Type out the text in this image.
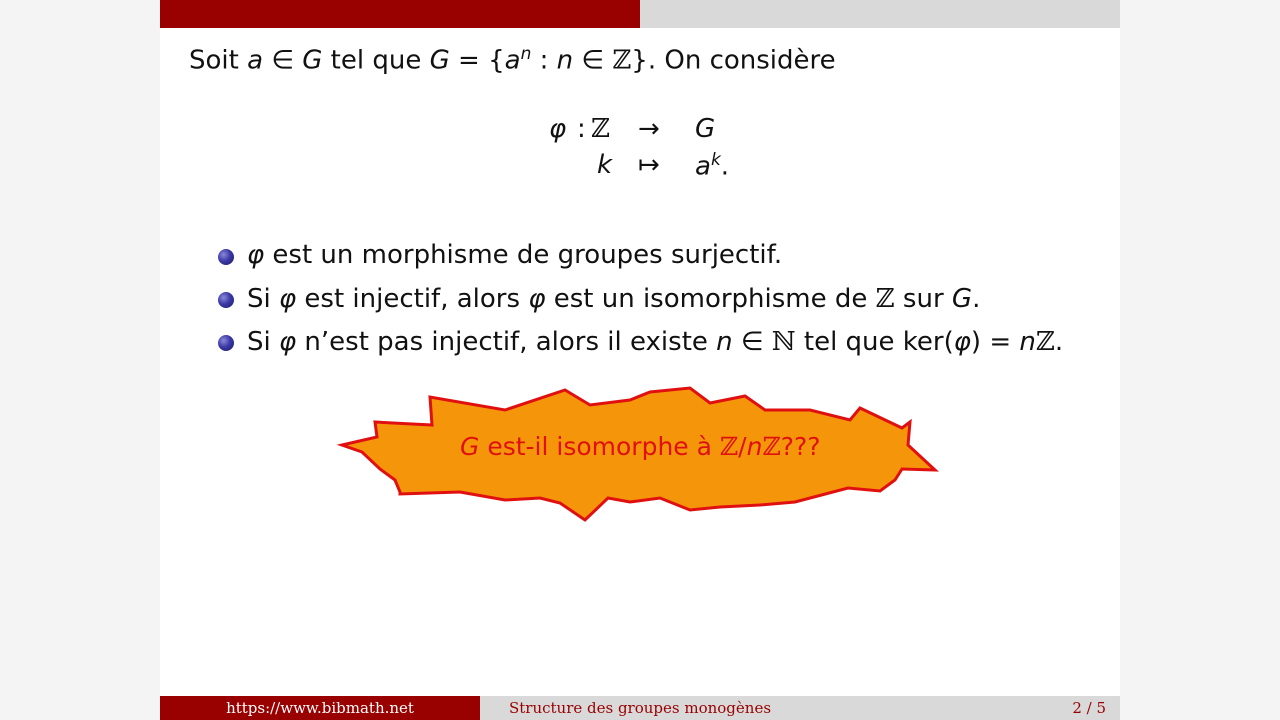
Soit a ∈ G tel que $G = \{a^n$ : n ∈ ℤ}. On considère
φ : ℤ → G
k ↦ $a^k$.
φ est un morphisme de groupes surjectif.
Si φ est injectif, alors φ est un isomorphisme de ℤ sur G.
Si φ n’est pas injectif, alors il existe n ∈ ℕ tel que ker(φ) = nℤ.
G est-il isomorphe à ℤ/nℤ???
https://www.bibmath.net	Structure des groupes monogènes	2 / 5
